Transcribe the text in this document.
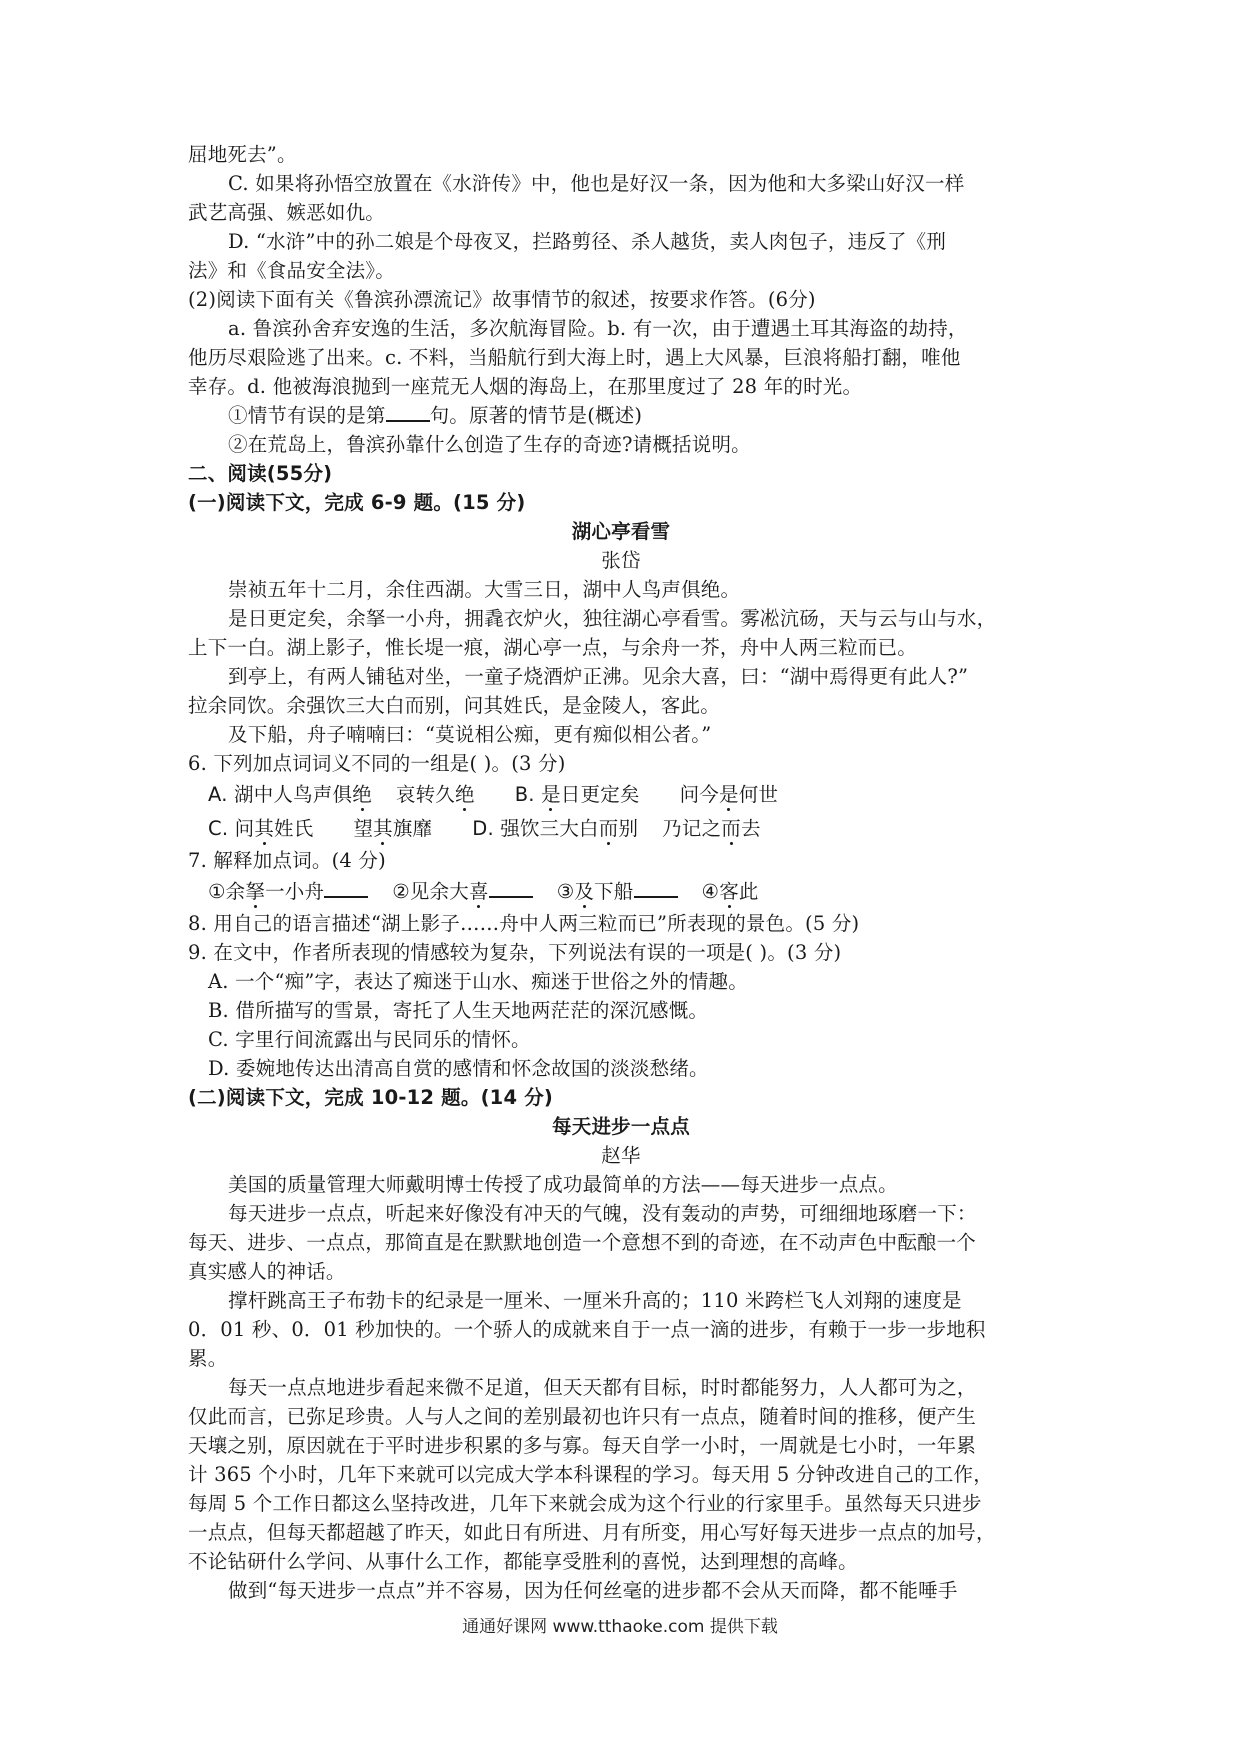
屈地死去”。
C. 如果将孙悟空放置在《水浒传》中，他也是好汉一条，因为他和大多梁山好汉一样
武艺高强、嫉恶如仇。
D. “水浒”中的孙二娘是个母夜叉，拦路剪径、杀人越货，卖人肉包子，违反了《刑
法》和《食品安全法》。
(2)阅读下面有关《鲁滨孙漂流记》故事情节的叙述，按要求作答。(6分)
a. 鲁滨孙舍弃安逸的生活，多次航海冒险。b. 有一次，由于遭遇土耳其海盗的劫持，
他历尽艰险逃了出来。c. 不料，当船航行到大海上时，遇上大风暴，巨浪将船打翻，唯他
幸存。d. 他被海浪抛到一座荒无人烟的海岛上，在那里度过了 28 年的时光。
①情节有误的是第 句。原著的情节是(概述)
②在荒岛上，鲁滨孙靠什么创造了生存的奇迹?请概括说明。
二、阅读(55分)
(一)阅读下文，完成 6-9 题。(15 分)
湖心亭看雪
张岱
崇祯五年十二月，余住西湖。大雪三日，湖中人鸟声俱绝。
是日更定矣，余拏一小舟，拥毳衣炉火，独往湖心亭看雪。雾凇沆砀，天与云与山与水，
上下一白。湖上影子，惟长堤一痕，湖心亭一点，与余舟一芥，舟中人两三粒而已。
到亭上，有两人铺毡对坐，一童子烧酒炉正沸。见余大喜，曰：“湖中焉得更有此人?”
拉余同饮。余强饮三大白而别，问其姓氏，是金陵人，客此。
及下船，舟子喃喃曰：“莫说相公痴，更有痴似相公者。”
6. 下列加点词词义不同的一组是( )。(3 分)
A. 湖中人鸟声俱绝 哀转久绝 B. 是日更定矣 问今是何世
C. 问其姓氏 望其旗靡 D. 强饮三大白而别 乃记之而去
7. 解释加点词。(4 分)
①余拏一小舟	②见余大喜	③及下船	④客此
8. 用自己的语言描述“湖上影子……舟中人两三粒而已”所表现的景色。(5 分)
9. 在文中，作者所表现的情感较为复杂，下列说法有误的一项是( )。(3 分)
A. 一个“痴”字，表达了痴迷于山水、痴迷于世俗之外的情趣。
B. 借所描写的雪景，寄托了人生天地两茫茫的深沉感慨。
C. 字里行间流露出与民同乐的情怀。
D. 委婉地传达出清高自赏的感情和怀念故国的淡淡愁绪。
(二)阅读下文，完成 10-12 题。(14 分)
每天进步一点点
赵华
美国的质量管理大师戴明博士传授了成功最简单的方法——每天进步一点点。
每天进步一点点，听起来好像没有冲天的气魄，没有轰动的声势，可细细地琢磨一下：
每天、进步、一点点，那简直是在默默地创造一个意想不到的奇迹，在不动声色中酝酿一个
真实感人的神话。
撑杆跳高王子布勃卡的纪录是一厘米、一厘米升高的；110 米跨栏飞人刘翔的速度是
0．01 秒、0．01 秒加快的。一个骄人的成就来自于一点一滴的进步，有赖于一步一步地积
累。
每天一点点地进步看起来微不足道，但天天都有目标，时时都能努力，人人都可为之，
仅此而言，已弥足珍贵。人与人之间的差别最初也许只有一点点，随着时间的推移，便产生
天壤之别，原因就在于平时进步积累的多与寡。每天自学一小时，一周就是七小时，一年累
计 365 个小时，几年下来就可以完成大学本科课程的学习。每天用 5 分钟改进自己的工作，
每周 5 个工作日都这么坚持改进，几年下来就会成为这个行业的行家里手。虽然每天只进步
一点点，但每天都超越了昨天，如此日有所进、月有所变，用心写好每天进步一点点的加号，
不论钻研什么学问、从事什么工作，都能享受胜利的喜悦，达到理想的高峰。
做到“每天进步一点点”并不容易，因为任何丝毫的进步都不会从天而降，都不能唾手
通通好课网 www.tthaoke.com 提供下载
